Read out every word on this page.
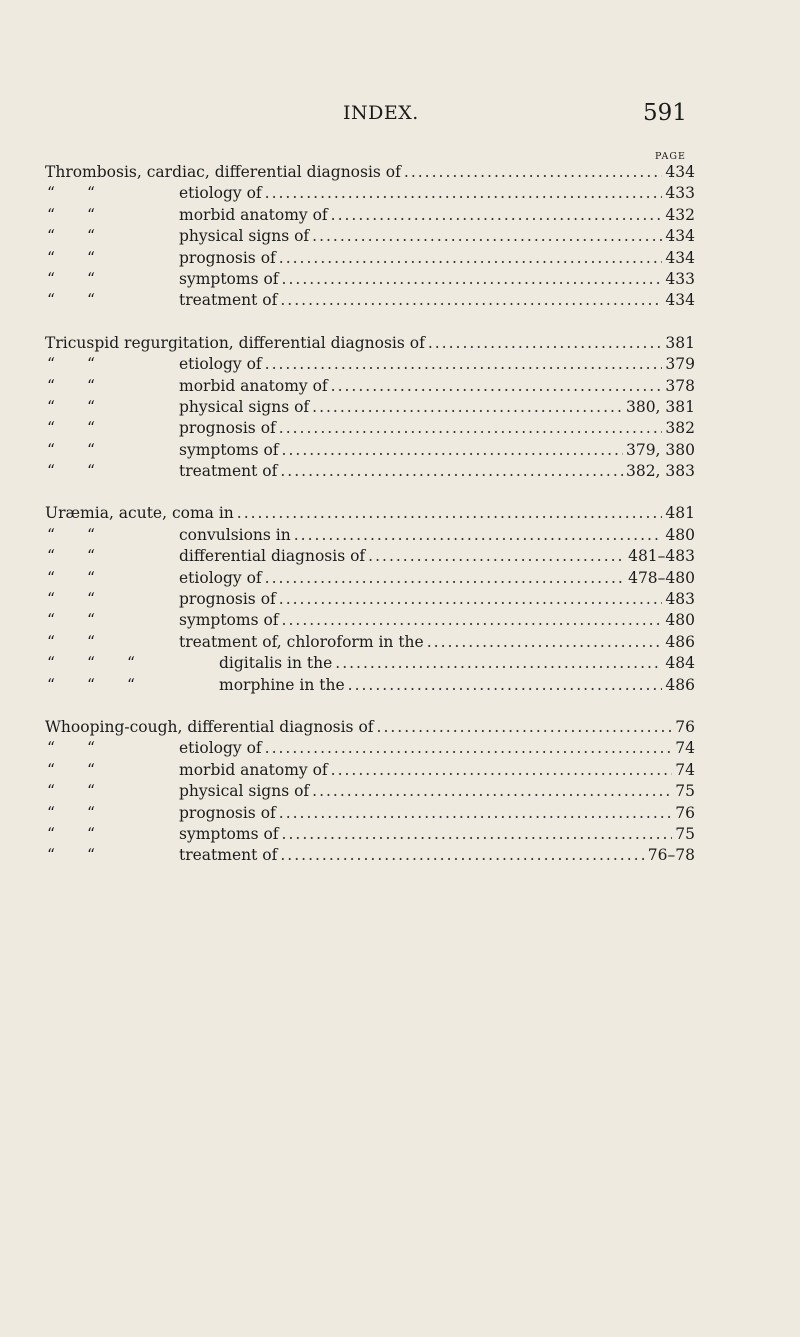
INDEX.	591
PAGE
Thrombosis, cardiac, differential diagnosis of .....	434
“	“	etiology of .....	433
“	“	morbid anatomy of .....	432
“	“	physical signs of .....	434
“	“	prognosis of .....	434
“	“	symptoms of .....	433
“	“	treatment of .....	434
Tricuspid regurgitation, differential diagnosis of .....	381
“	“	etiology of .....	379
“	“	morbid anatomy of .....	378
“	“	physical signs of .....	380, 381
“	“	prognosis of .....	382
“	“	symptoms of .....	379, 380
“	“	treatment of .....	382, 383
Uræmia, acute, coma in .....	481
“	“	convulsions in .....	480
“	“	differential diagnosis of .....	481–483
“	“	etiology of .....	478–480
“	“	prognosis of .....	483
“	“	symptoms of .....	480
“	“	treatment of, chloroform in the .....	486
“	“	“	digitalis in the .....	484
“	“	“	morphine in the .....	486
Whooping-cough, differential diagnosis of .....	76
“	“	etiology of .....	74
“	“	morbid anatomy of .....	74
“	“	physical signs of .....	75
“	“	prognosis of .....	76
“	“	symptoms of .....	75
“	“	treatment of .....	76–78
